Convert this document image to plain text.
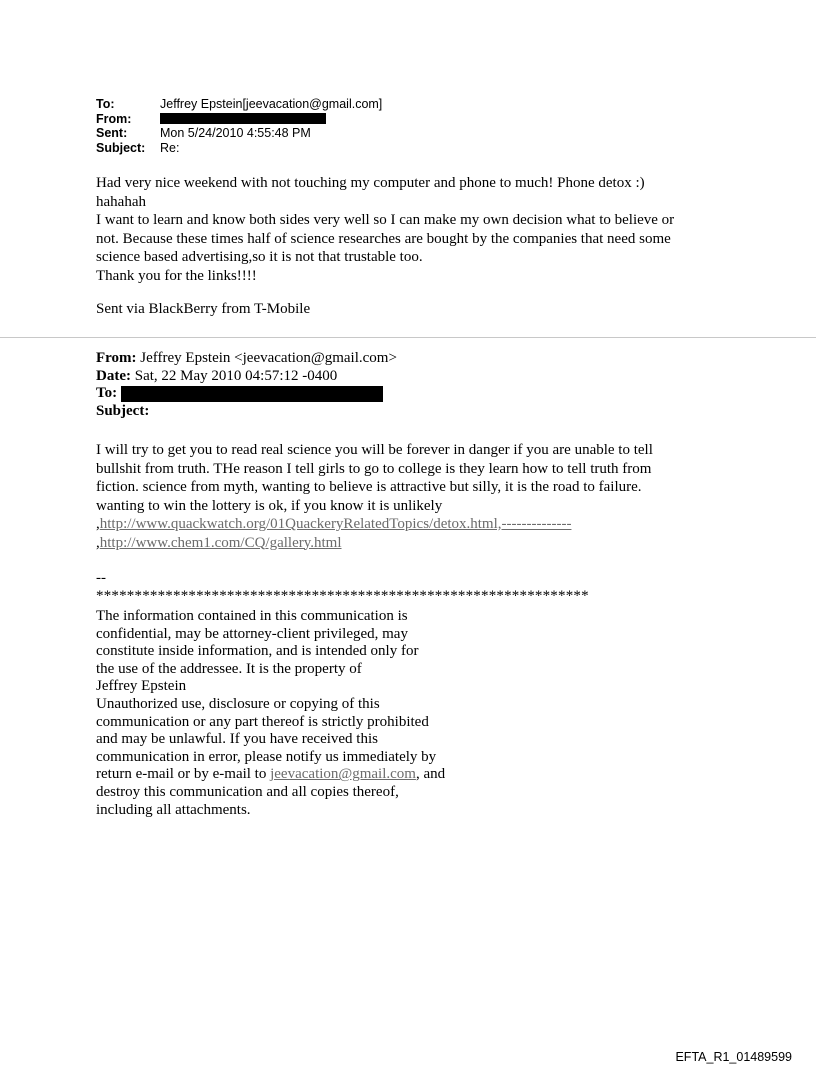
To:	Jeffrey Epstein[jeevacation@gmail.com]
From:
Sent:	Mon 5/24/2010 4:55:48 PM
Subject:	Re:

Had very nice weekend with not touching my computer and phone to much! Phone detox :)

hahahah

I want to learn and know both sides very well so I can make my own decision what to believe or

not. Because these times half of science researches are bought by the companies that need some

science based advertising,so it is not that trustable too.

Thank you for the links!!!!

Sent via BlackBerry from T-Mobile
From: Jeffrey Epstein <jeevacation@gmail.com>
Date: Sat, 22 May 2010 04:57:12 -0400
To:
Subject:

I will try to get you to read real science you will be forever in danger if you are unable to tell

bullshit from truth. THe reason I tell girls to go to college is they learn how to tell truth from

fiction. science from myth, wanting to believe is attractive but silly, it is the road to failure.

wanting to win the lottery is ok, if you know it is unlikely

,http://www.quackwatch.org/01QuackeryRelatedTopics/detox.html,--------------

,http://www.chem1.com/CQ/gallery.html

--
****************************************************************

The information contained in this communication is

confidential, may be attorney-client privileged, may

constitute inside information, and is intended only for

the use of the addressee. It is the property of

Jeffrey Epstein

Unauthorized use, disclosure or copying of this

communication or any part thereof is strictly prohibited

and may be unlawful. If you have received this

communication in error, please notify us immediately by

return e-mail or by e-mail to jeevacation@gmail.com, and

destroy this communication and all copies thereof,

including all attachments.

EFTA_R1_01489599
